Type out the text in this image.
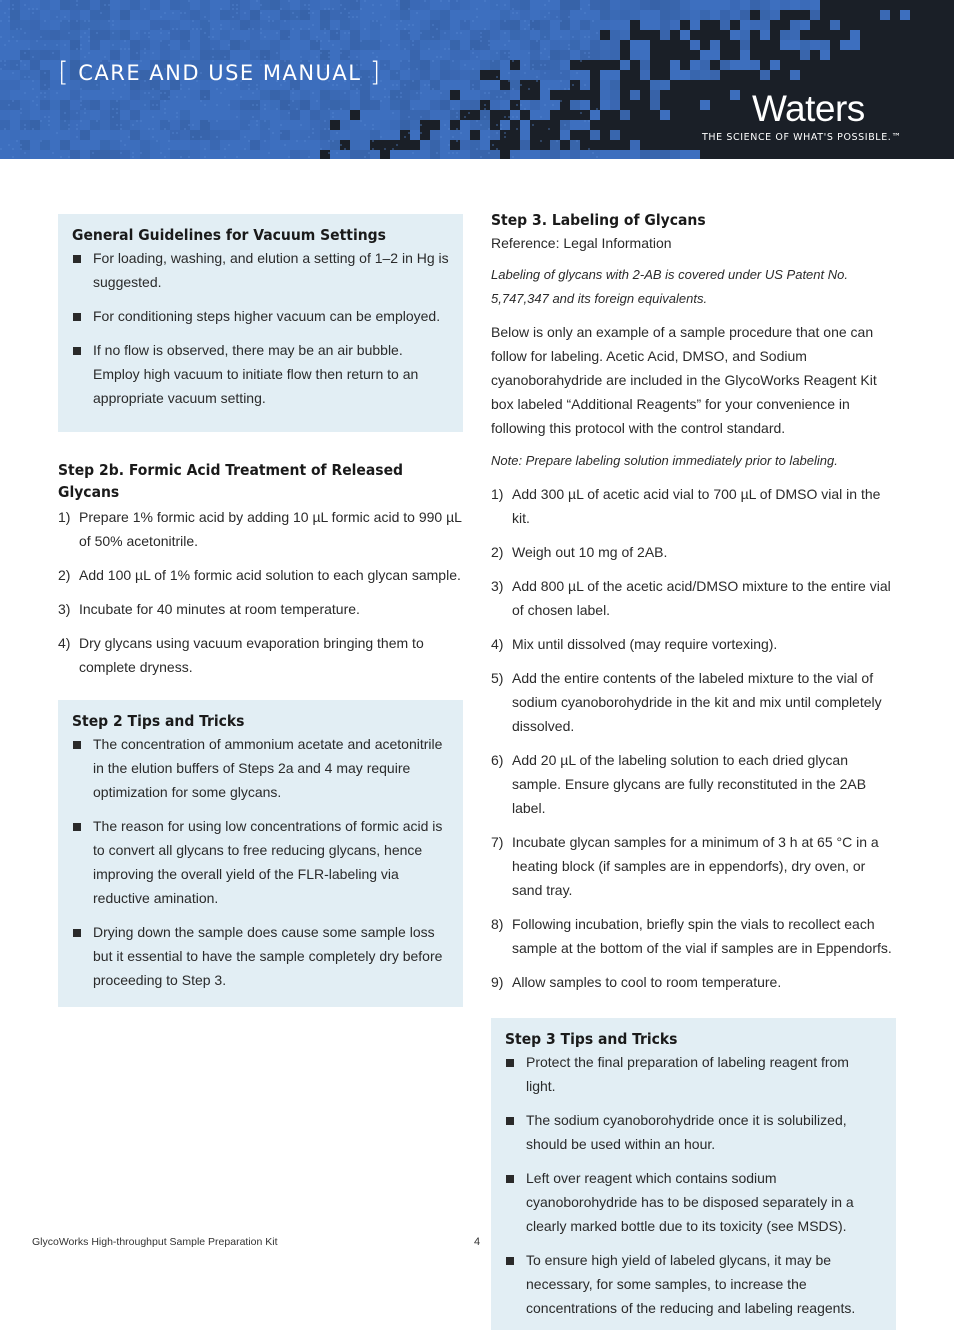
[ CARE AND USE MANUAL ]
Waters
THE SCIENCE OF WHAT'S POSSIBLE.™
General Guidelines for Vacuum Settings
For loading, washing, and elution a setting of 1–2 in Hg is suggested.
For conditioning steps higher vacuum can be employed.
If no flow is observed, there may be an air bubble. Employ high vacuum to initiate flow then return to an appropriate vacuum setting.
Step 2b. Formic Acid Treatment of Released Glycans
1) Prepare 1% formic acid by adding 10 µL formic acid to 990 µL of 50% acetonitrile.
2) Add 100 µL of 1% formic acid solution to each glycan sample.
3) Incubate for 40 minutes at room temperature.
4) Dry glycans using vacuum evaporation bringing them to complete dryness.
Step 2 Tips and Tricks
The concentration of ammonium acetate and acetonitrile in the elution buffers of Steps 2a and 4 may require optimization for some glycans.
The reason for using low concentrations of formic acid is to convert all glycans to free reducing glycans, hence improving the overall yield of the FLR-labeling via reductive amination.
Drying down the sample does cause some sample loss but it essential to have the sample completely dry before proceeding to Step 3.
Step 3. Labeling of Glycans

Reference: Legal Information

Labeling of glycans with 2-AB is covered under US Patent No. 5,747,347 and its foreign equivalents.

Below is only an example of a sample procedure that one can follow for labeling. Acetic Acid, DMSO, and Sodium cyanoborahydride are included in the GlycoWorks Reagent Kit box labeled “Additional Reagents” for your convenience in following this protocol with the control standard.

Note: Prepare labeling solution immediately prior to labeling.

1) Add 300 µL of acetic acid vial to 700 µL of DMSO vial in the kit.
2) Weigh out 10 mg of 2AB.
3) Add 800 µL of the acetic acid/DMSO mixture to the entire vial of chosen label.
4) Mix until dissolved (may require vortexing).
5) Add the entire contents of the labeled mixture to the vial of sodium cyanoborohydride in the kit and mix until completely dissolved.
6) Add 20 µL of the labeling solution to each dried glycan sample. Ensure glycans are fully reconstituted in the 2AB label.
7) Incubate glycan samples for a minimum of 3 h at 65 °C in a heating block (if samples are in eppendorfs), dry oven, or sand tray.
8) Following incubation, briefly spin the vials to recollect each sample at the bottom of the vial if samples are in Eppendorfs.
9) Allow samples to cool to room temperature.
Step 3 Tips and Tricks
Protect the final preparation of labeling reagent from light.
The sodium cyanoborohydride once it is solubilized, should be used within an hour.
Left over reagent which contains sodium cyanoborohydride has to be disposed separately in a clearly marked bottle due to its toxicity (see MSDS).
To ensure high yield of labeled glycans, it may be necessary, for some samples, to increase the concentrations of the reducing and labeling reagents.
GlycoWorks High-throughput Sample Preparation Kit	4
